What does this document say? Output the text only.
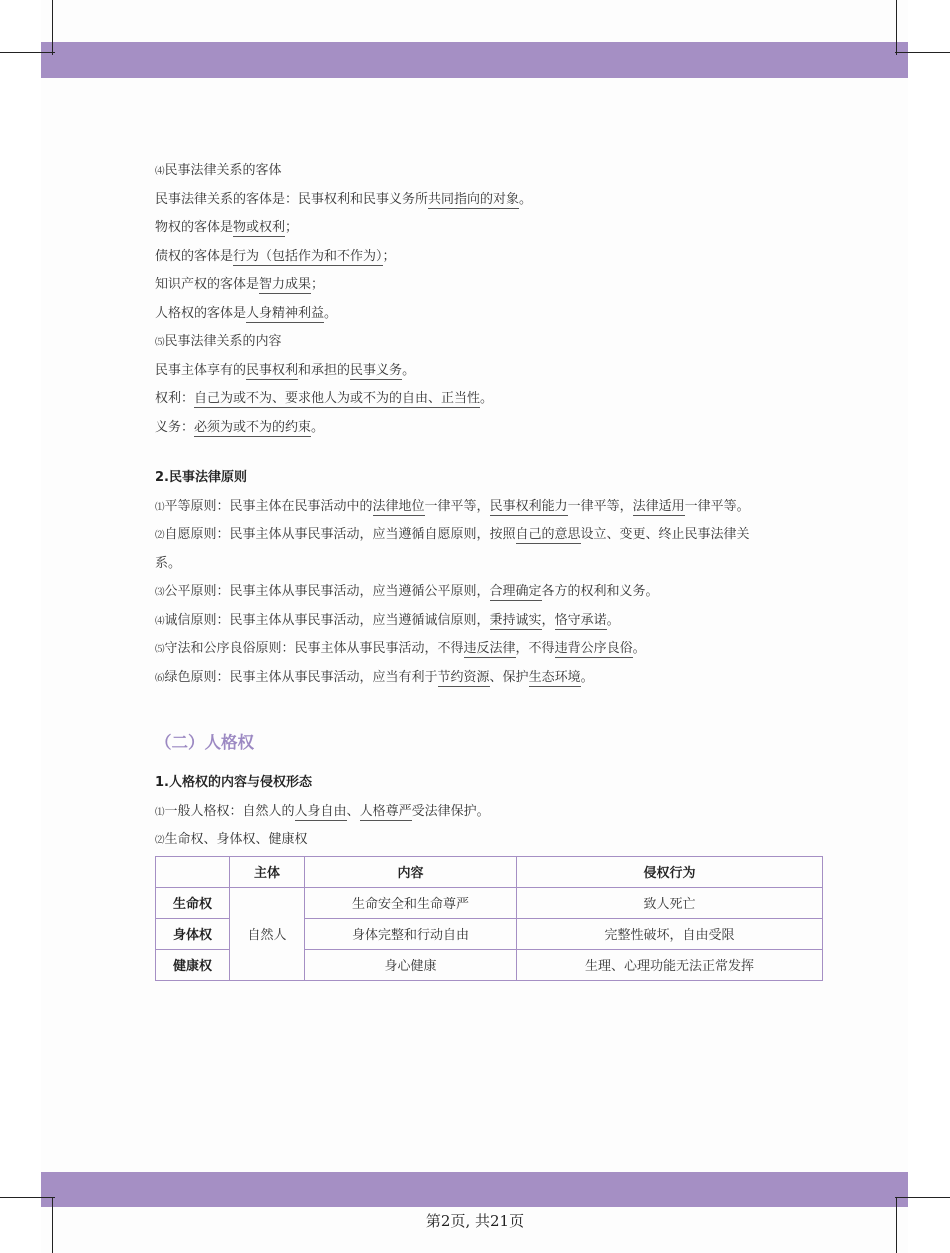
⑷民事法律关系的客体
民事法律关系的客体是：民事权利和民事义务所共同指向的对象。
物权的客体是物或权利；
债权的客体是行为（包括作为和不作为）；
知识产权的客体是智力成果；
人格权的客体是人身精神利益。
⑸民事法律关系的内容
民事主体享有的民事权利和承担的民事义务。
权利：自己为或不为、要求他人为或不为的自由、正当性。
义务：必须为或不为的约束。
2.民事法律原则
⑴平等原则：民事主体在民事活动中的法律地位一律平等，民事权利能力一律平等，法律适用一律平等。
⑵自愿原则：民事主体从事民事活动，应当遵循自愿原则，按照自己的意思设立、变更、终止民事法律关
系。
⑶公平原则：民事主体从事民事活动，应当遵循公平原则，合理确定各方的权利和义务。
⑷诚信原则：民事主体从事民事活动，应当遵循诚信原则，秉持诚实，恪守承诺。
⑸守法和公序良俗原则：民事主体从事民事活动，不得违反法律，不得违背公序良俗。
⑹绿色原则：民事主体从事民事活动，应当有利于节约资源、保护生态环境。
（二）人格权
1.人格权的内容与侵权形态
⑴一般人格权：自然人的人身自由、人格尊严受法律保护。
⑵生命权、身体权、健康权
	主体	内容	侵权行为
生命权	自然人	生命安全和生命尊严	致人死亡
身体权		身体完整和行动自由	完整性破坏，自由受限
健康权		身心健康	生理、心理功能无法正常发挥
第2页, 共21页
